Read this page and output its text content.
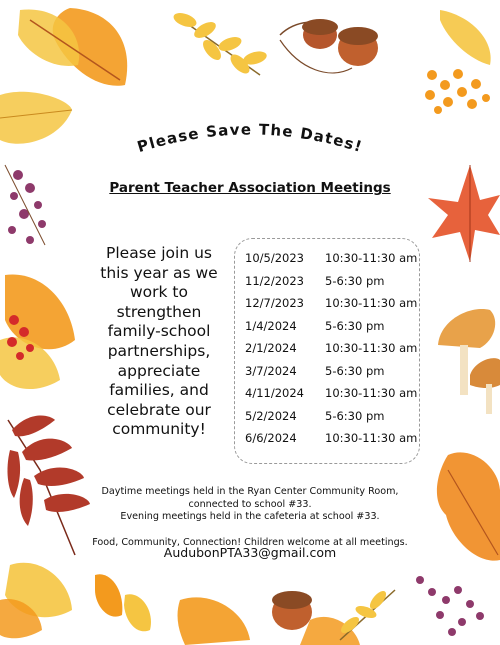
Please Save The Dates!
Parent Teacher Association Meetings
Please join us
this year as we
work to
strengthen
family-school
partnerships,
appreciate
families, and
celebrate our
community!
10/5/2023 10:30-11:30 am
11/2/2023 5-6:30 pm
12/7/2023 10:30-11:30 am
1/4/2024 5-6:30 pm
2/1/2024 10:30-11:30 am
3/7/2024 5-6:30 pm
4/11/2024 10:30-11:30 am
5/2/2024 5-6:30 pm
6/6/2024 10:30-11:30 am
Daytime meetings held in the Ryan Center Community Room,
connected to school #33.
Evening meetings held in the cafeteria at school #33.
Food, Community, Connection! Children welcome at all meetings.
AudubonPTA33@gmail.com
